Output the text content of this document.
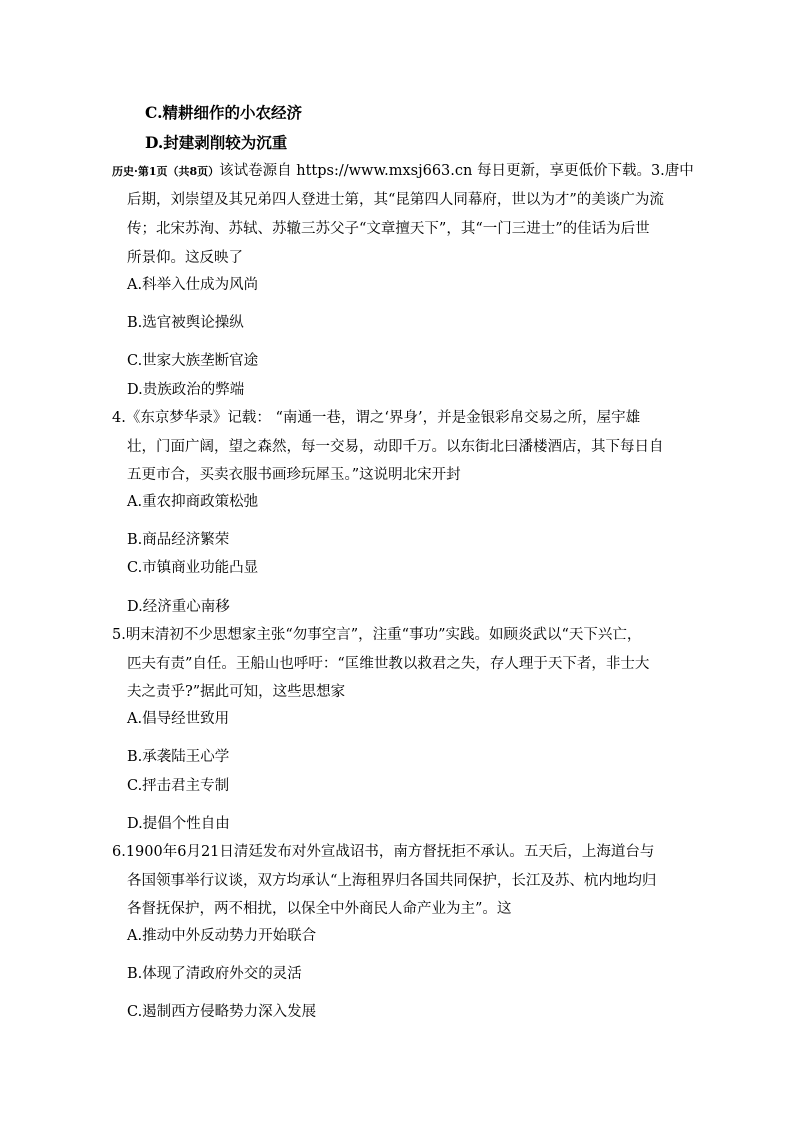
C.精耕细作的小农经济
D.封建剥削较为沉重
历史·第1页（共8页）该试卷源自 https://www.mxsj663.cn 每日更新，享更低价下载。3.唐中
后期，刘崇望及其兄弟四人登进士第，其“昆第四人同幕府，世以为才”的美谈广为流
传；北宋苏洵、苏轼、苏辙三苏父子“文章擅天下”，其“一门三进士”的佳话为后世
所景仰。这反映了
A.科举入仕成为风尚
B.选官被舆论操纵
C.世家大族垄断官途
D.贵族政治的弊端
4.《东京梦华录》记载： “南通一巷，谓之‘界身’，并是金银彩帛交易之所，屋宇雄
壮，门面广阔，望之森然，每一交易，动即千万。以东街北曰潘楼酒店，其下每日自
五更市合，买卖衣服书画珍玩犀玉。”这说明北宋开封
A.重农抑商政策松弛
B.商品经济繁荣
C.市镇商业功能凸显
D.经济重心南移
5.明末清初不少思想家主张“勿事空言”，注重“事功”实践。如顾炎武以“天下兴亡，
匹夫有责”自任。王船山也呼吁：“匡维世教以救君之失，存人理于天下者，非士大
夫之责乎?”据此可知，这些思想家
A.倡导经世致用
B.承袭陆王心学
C.抨击君主专制
D.提倡个性自由
6.1900年6月21日清廷发布对外宣战诏书，南方督抚拒不承认。五天后，上海道台与
各国领事举行议谈，双方均承认“上海租界归各国共同保护，长江及苏、杭内地均归
各督抚保护，两不相扰，以保全中外商民人命产业为主”。这
A.推动中外反动势力开始联合
B.体现了清政府外交的灵活
C.遏制西方侵略势力深入发展
